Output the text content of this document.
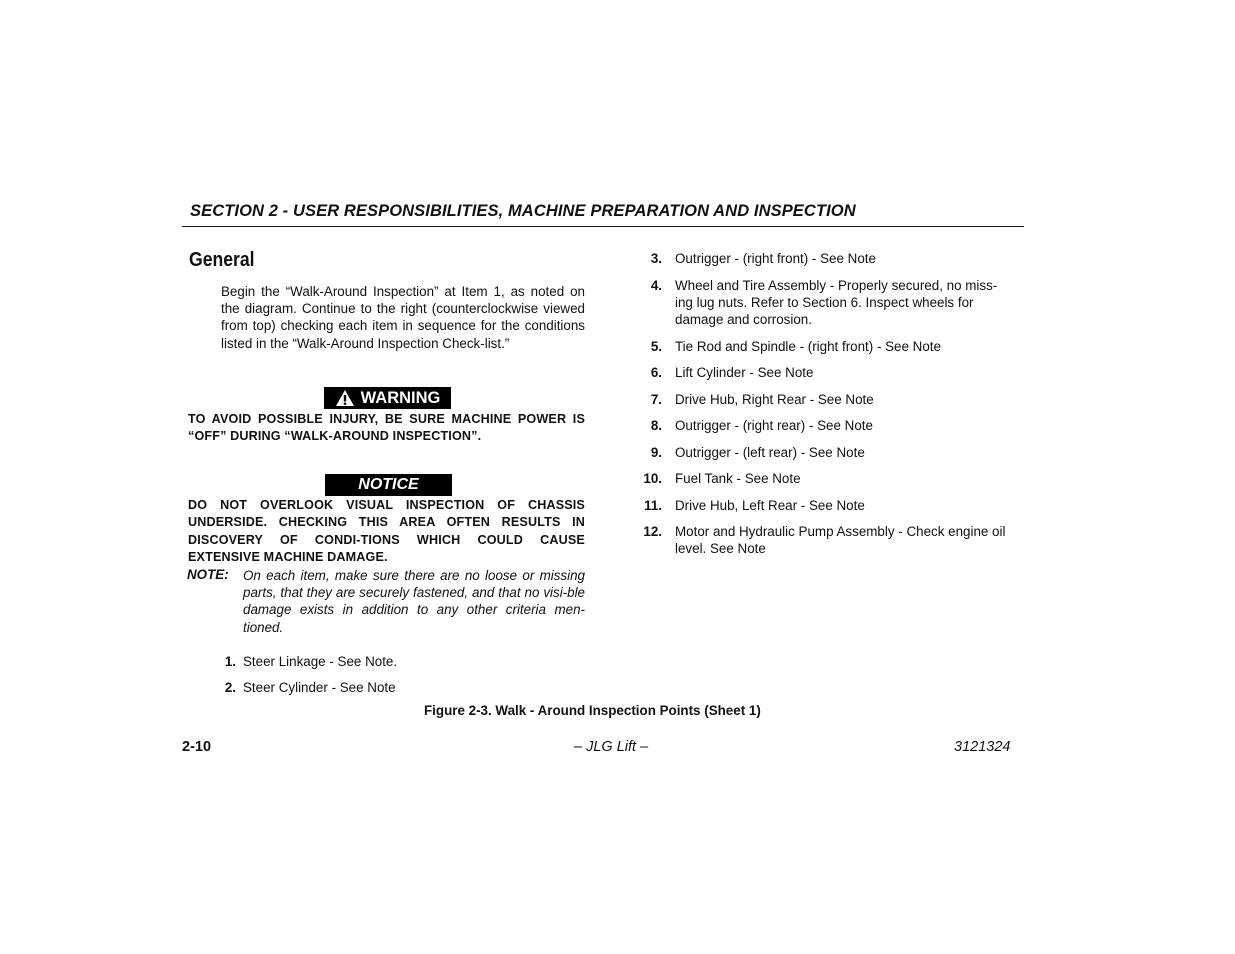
SECTION 2 - USER RESPONSIBILITIES, MACHINE PREPARATION AND INSPECTION
General
Begin the “Walk-Around Inspection” at Item 1, as noted on the diagram. Continue to the right (counterclockwise viewed from top) checking each item in sequence for the conditions listed in the “Walk-Around Inspection Check-list.”
WARNING
TO AVOID POSSIBLE INJURY, BE SURE MACHINE POWER IS “OFF” DURING “WALK-AROUND INSPECTION”.
NOTICE
DO NOT OVERLOOK VISUAL INSPECTION OF CHASSIS UNDERSIDE. CHECKING THIS AREA OFTEN RESULTS IN DISCOVERY OF CONDI-TIONS WHICH COULD CAUSE EXTENSIVE MACHINE DAMAGE.
NOTE: On each item, make sure there are no loose or missing parts, that they are securely fastened, and that no visi-ble damage exists in addition to any other criteria men-tioned.
1. Steer Linkage - See Note.
2. Steer Cylinder - See Note
3. Outrigger - (right front) - See Note
4. Wheel and Tire Assembly - Properly secured, no miss-ing lug nuts. Refer to Section 6. Inspect wheels for damage and corrosion.
5. Tie Rod and Spindle - (right front) - See Note
6. Lift Cylinder - See Note
7. Drive Hub, Right Rear - See Note
8. Outrigger - (right rear) - See Note
9. Outrigger - (left rear) - See Note
10. Fuel Tank - See Note
11. Drive Hub, Left Rear - See Note
12. Motor and Hydraulic Pump Assembly - Check engine oil level. See Note
Figure 2-3. Walk - Around Inspection Points (Sheet 1)
2-10	– JLG Lift –	3121324
